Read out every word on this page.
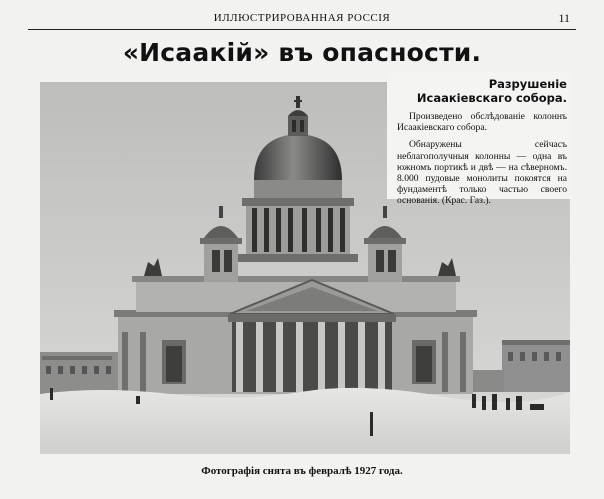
ИЛЛЮСТРИРОВАННАЯ РОССІЯ	11
«Исаакій» въ опасности.
Разрушеніе
Исаакіевскаго собора.

Произведено обслѣдованіе колоннъ Исаакіевскаго собора.

Обнаружены сейчасъ неблагополучныя колонны — одна въ южномъ портикѣ и двѣ — на сѣверномъ. 8.000 пудовые монолиты покоятся на фундаментѣ только частью своего основанія. (Крас. Газ.).

Фотографія снята въ февралѣ 1927 года.
